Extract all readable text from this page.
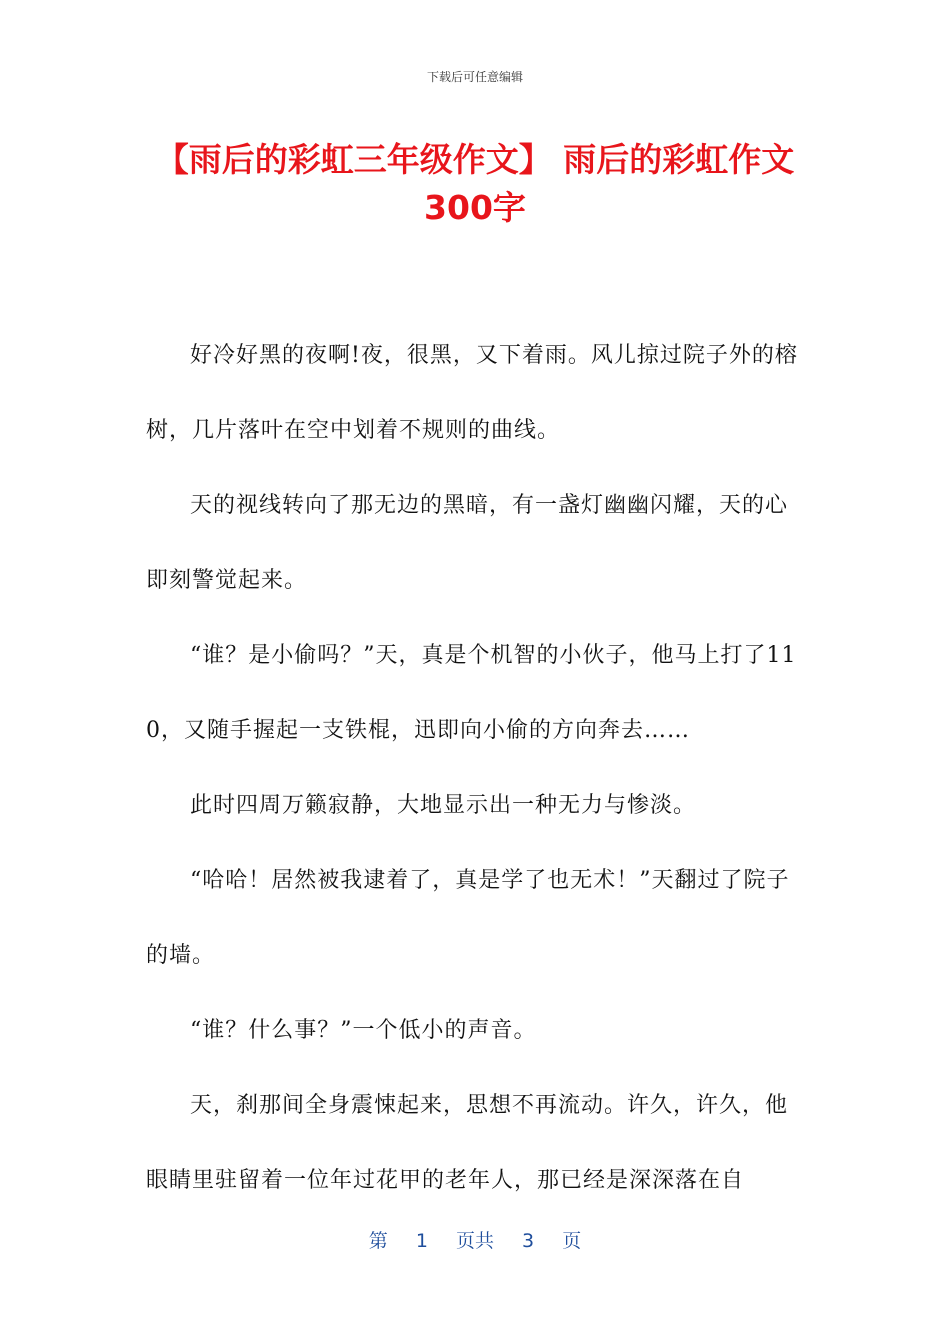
下载后可任意编辑
【雨后的彩虹三年级作文】 雨后的彩虹作文300字

好冷好黑的夜啊!夜，很黑，又下着雨。风儿掠过院子外的榕树，几片落叶在空中划着不规则的曲线。

天的视线转向了那无边的黑暗，有一盏灯幽幽闪耀，天的心即刻警觉起来。

“谁？是小偷吗？”天，真是个机智的小伙子，他马上打了110，又随手握起一支铁棍，迅即向小偷的方向奔去……

此时四周万籁寂静，大地显示出一种无力与惨淡。

“哈哈！居然被我逮着了，真是学了也无术！”天翻过了院子的墙。

“谁？什么事？”一个低小的声音。

天，刹那间全身震悚起来，思想不再流动。许久，许久，他眼睛里驻留着一位年过花甲的老年人，那已经是深深落在自

第 1 页共 3 页
